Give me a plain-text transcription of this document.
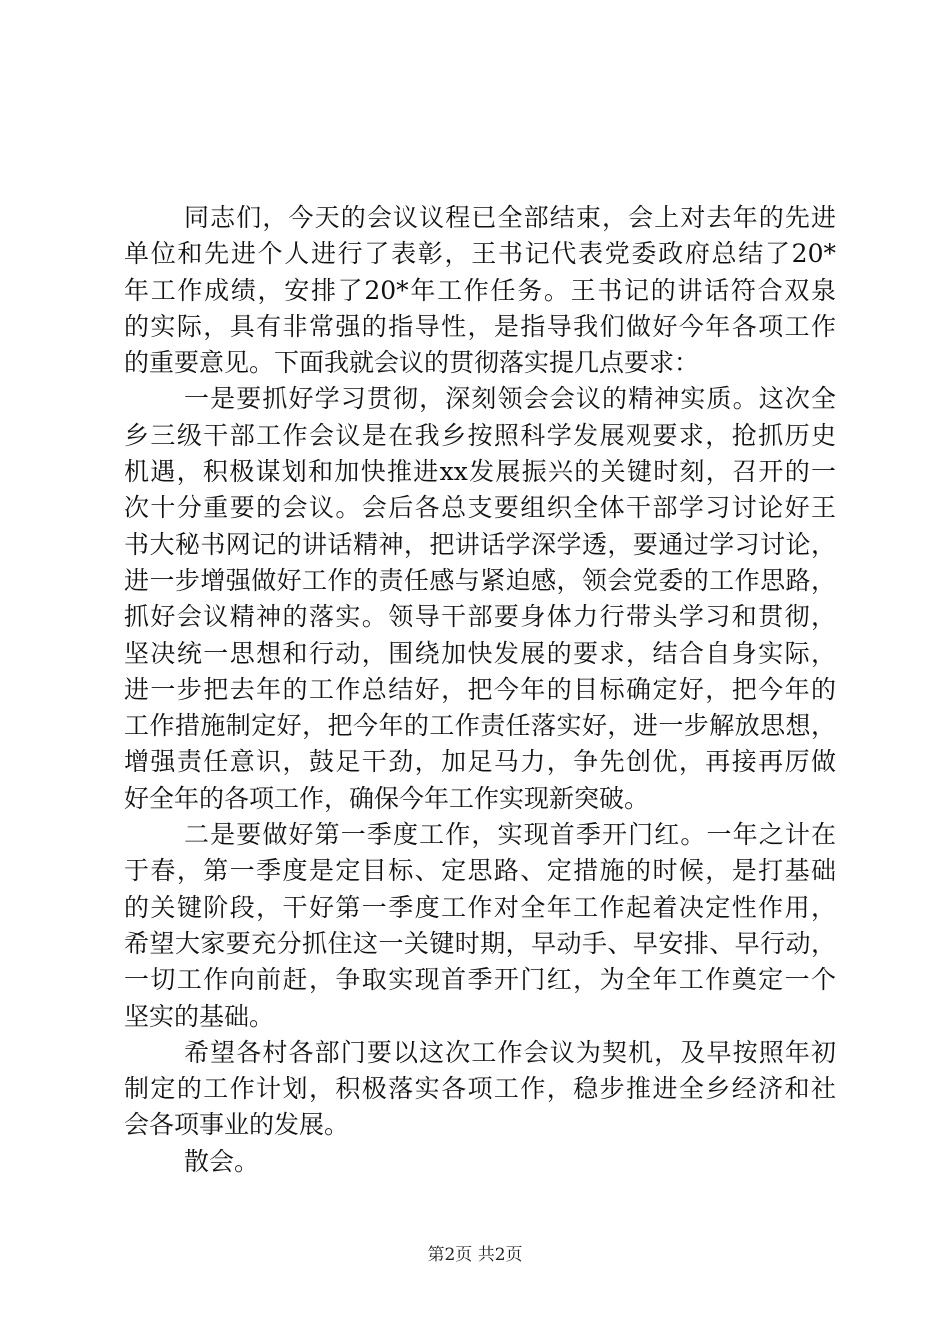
同志们，今天的会议议程已全部结束，会上对去年的先进
单位和先进个人进行了表彰，王书记代表党委政府总结了20*
年工作成绩，安排了20*年工作任务。王书记的讲话符合双泉
的实际，具有非常强的指导性，是指导我们做好今年各项工作
的重要意见。下面我就会议的贯彻落实提几点要求：
一是要抓好学习贯彻，深刻领会会议的精神实质。这次全
乡三级干部工作会议是在我乡按照科学发展观要求，抢抓历史
机遇，积极谋划和加快推进xx发展振兴的关键时刻，召开的一
次十分重要的会议。会后各总支要组织全体干部学习讨论好王
书大秘书网记的讲话精神，把讲话学深学透，要通过学习讨论，
进一步增强做好工作的责任感与紧迫感，领会党委的工作思路，
抓好会议精神的落实。领导干部要身体力行带头学习和贯彻，
坚决统一思想和行动，围绕加快发展的要求，结合自身实际，
进一步把去年的工作总结好，把今年的目标确定好，把今年的
工作措施制定好，把今年的工作责任落实好，进一步解放思想，
增强责任意识，鼓足干劲，加足马力，争先创优，再接再厉做
好全年的各项工作，确保今年工作实现新突破。
二是要做好第一季度工作，实现首季开门红。一年之计在
于春，第一季度是定目标、定思路、定措施的时候，是打基础
的关键阶段，干好第一季度工作对全年工作起着决定性作用，
希望大家要充分抓住这一关键时期，早动手、早安排、早行动，
一切工作向前赶，争取实现首季开门红，为全年工作奠定一个
坚实的基础。
希望各村各部门要以这次工作会议为契机，及早按照年初
制定的工作计划，积极落实各项工作，稳步推进全乡经济和社
会各项事业的发展。
散会。
第2页 共2页
